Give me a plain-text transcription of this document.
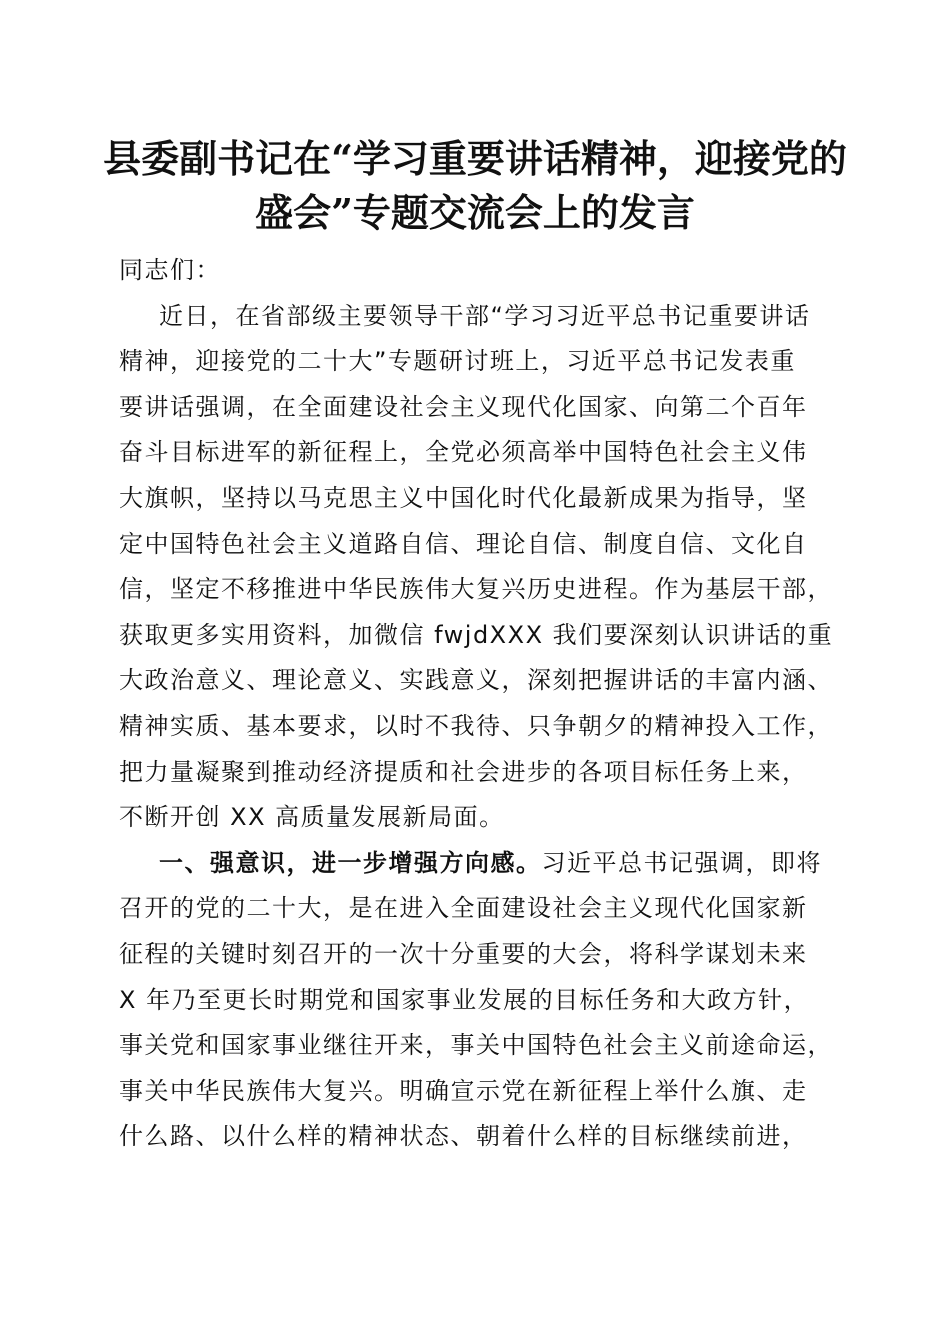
县委副书记在“学习重要讲话精神，迎接党的
盛会”专题交流会上的发言
同志们：
近日，在省部级主要领导干部“学习习近平总书记重要讲话
精神，迎接党的二十大”专题研讨班上，习近平总书记发表重
要讲话强调，在全面建设社会主义现代化国家、向第二个百年
奋斗目标进军的新征程上，全党必须高举中国特色社会主义伟
大旗帜，坚持以马克思主义中国化时代化最新成果为指导，坚
定中国特色社会主义道路自信、理论自信、制度自信、文化自
信，坚定不移推进中华民族伟大复兴历史进程。作为基层干部，
获取更多实用资料，加微信 fwjdXXX 我们要深刻认识讲话的重
大政治意义、理论意义、实践意义，深刻把握讲话的丰富内涵、
精神实质、基本要求，以时不我待、只争朝夕的精神投入工作，
把力量凝聚到推动经济提质和社会进步的各项目标任务上来，
不断开创 XX 高质量发展新局面。
一、强意识，进一步增强方向感。习近平总书记强调，即将
召开的党的二十大，是在进入全面建设社会主义现代化国家新
征程的关键时刻召开的一次十分重要的大会，将科学谋划未来
X 年乃至更长时期党和国家事业发展的目标任务和大政方针，
事关党和国家事业继往开来，事关中国特色社会主义前途命运，
事关中华民族伟大复兴。明确宣示党在新征程上举什么旗、走
什么路、以什么样的精神状态、朝着什么样的目标继续前进，
